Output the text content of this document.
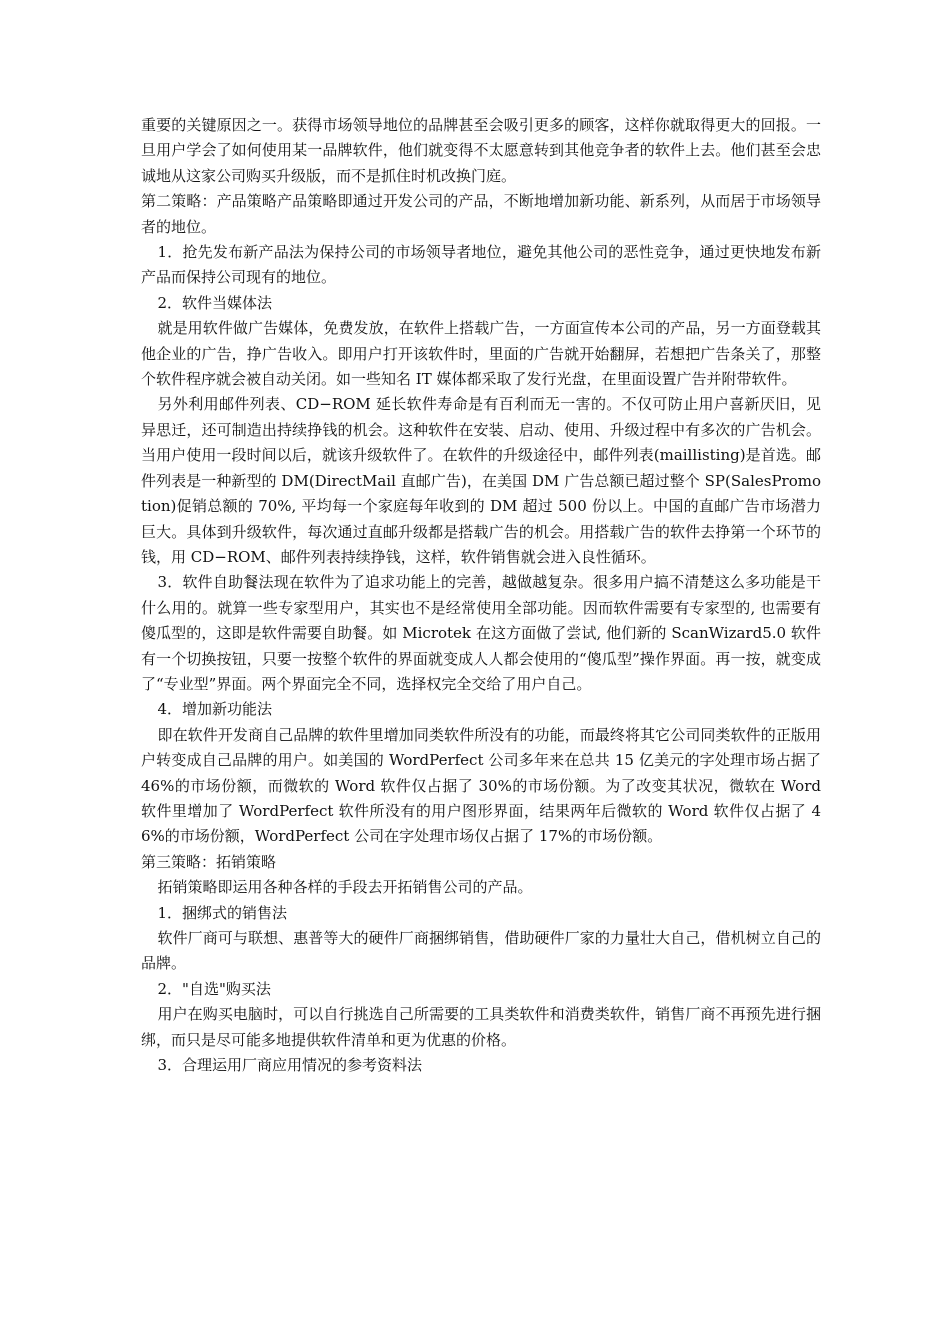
重要的关键原因之一。获得市场领导地位的品牌甚至会吸引更多的顾客，这样你就取得更大的回报。一旦用户学会了如何使用某一品牌软件，他们就变得不太愿意转到其他竞争者的软件上去。他们甚至会忠诚地从这家公司购买升级版，而不是抓住时机改换门庭。

第二策略：产品策略产品策略即通过开发公司的产品，不断地增加新功能、新系列，从而居于市场领导者的地位。

1．抢先发布新产品法为保持公司的市场领导者地位，避免其他公司的恶性竞争，通过更快地发布新产品而保持公司现有的地位。

2．软件当媒体法

就是用软件做广告媒体，免费发放，在软件上搭载广告，一方面宣传本公司的产品，另一方面登载其他企业的广告，挣广告收入。即用户打开该软件时，里面的广告就开始翻屏，若想把广告条关了，那整个软件程序就会被自动关闭。如一些知名 IT 媒体都采取了发行光盘，在里面设置广告并附带软件。

另外利用邮件列表、CD−ROM 延长软件寿命是有百利而无一害的。不仅可防止用户喜新厌旧，见异思迁，还可制造出持续挣钱的机会。这种软件在安装、启动、使用、升级过程中有多次的广告机会。当用户使用一段时间以后，就该升级软件了。在软件的升级途径中，邮件列表(maillisting)是首选。邮件列表是一种新型的 DM(DirectMail 直邮广告)，在美国 DM 广告总额已超过整个 SP(SalesPromotion)促销总额的 70%, 平均每一个家庭每年收到的 DM 超过 500 份以上。中国的直邮广告市场潜力巨大。具体到升级软件，每次通过直邮升级都是搭载广告的机会。用搭载广告的软件去挣第一个环节的钱，用 CD−ROM、邮件列表持续挣钱，这样，软件销售就会进入良性循环。

3．软件自助餐法现在软件为了追求功能上的完善，越做越复杂。很多用户搞不清楚这么多功能是干什么用的。就算一些专家型用户，其实也不是经常使用全部功能。因而软件需要有专家型的, 也需要有傻瓜型的，这即是软件需要自助餐。如 Microtek 在这方面做了尝试, 他们新的 ScanWizard5.0 软件有一个切换按钮，只要一按整个软件的界面就变成人人都会使用的“傻瓜型”操作界面。再一按，就变成了“专业型”界面。两个界面完全不同，选择权完全交给了用户自己。

4．增加新功能法

即在软件开发商自己品牌的软件里增加同类软件所没有的功能，而最终将其它公司同类软件的正版用户转变成自己品牌的用户。如美国的 WordPerfect 公司多年来在总共 15 亿美元的字处理市场占据了 46%的市场份额，而微软的 Word 软件仅占据了 30%的市场份额。为了改变其状况，微软在 Word 软件里增加了 WordPerfect 软件所没有的用户图形界面，结果两年后微软的 Word 软件仅占据了 46%的市场份额，WordPerfect 公司在字处理市场仅占据了 17%的市场份额。

第三策略：拓销策略

拓销策略即运用各种各样的手段去开拓销售公司的产品。

1．捆绑式的销售法

软件厂商可与联想、惠普等大的硬件厂商捆绑销售，借助硬件厂家的力量壮大自己，借机树立自己的品牌。

2．"自选"购买法

用户在购买电脑时，可以自行挑选自己所需要的工具类软件和消费类软件，销售厂商不再预先进行捆绑，而只是尽可能多地提供软件清单和更为优惠的价格。

3．合理运用厂商应用情况的参考资料法
